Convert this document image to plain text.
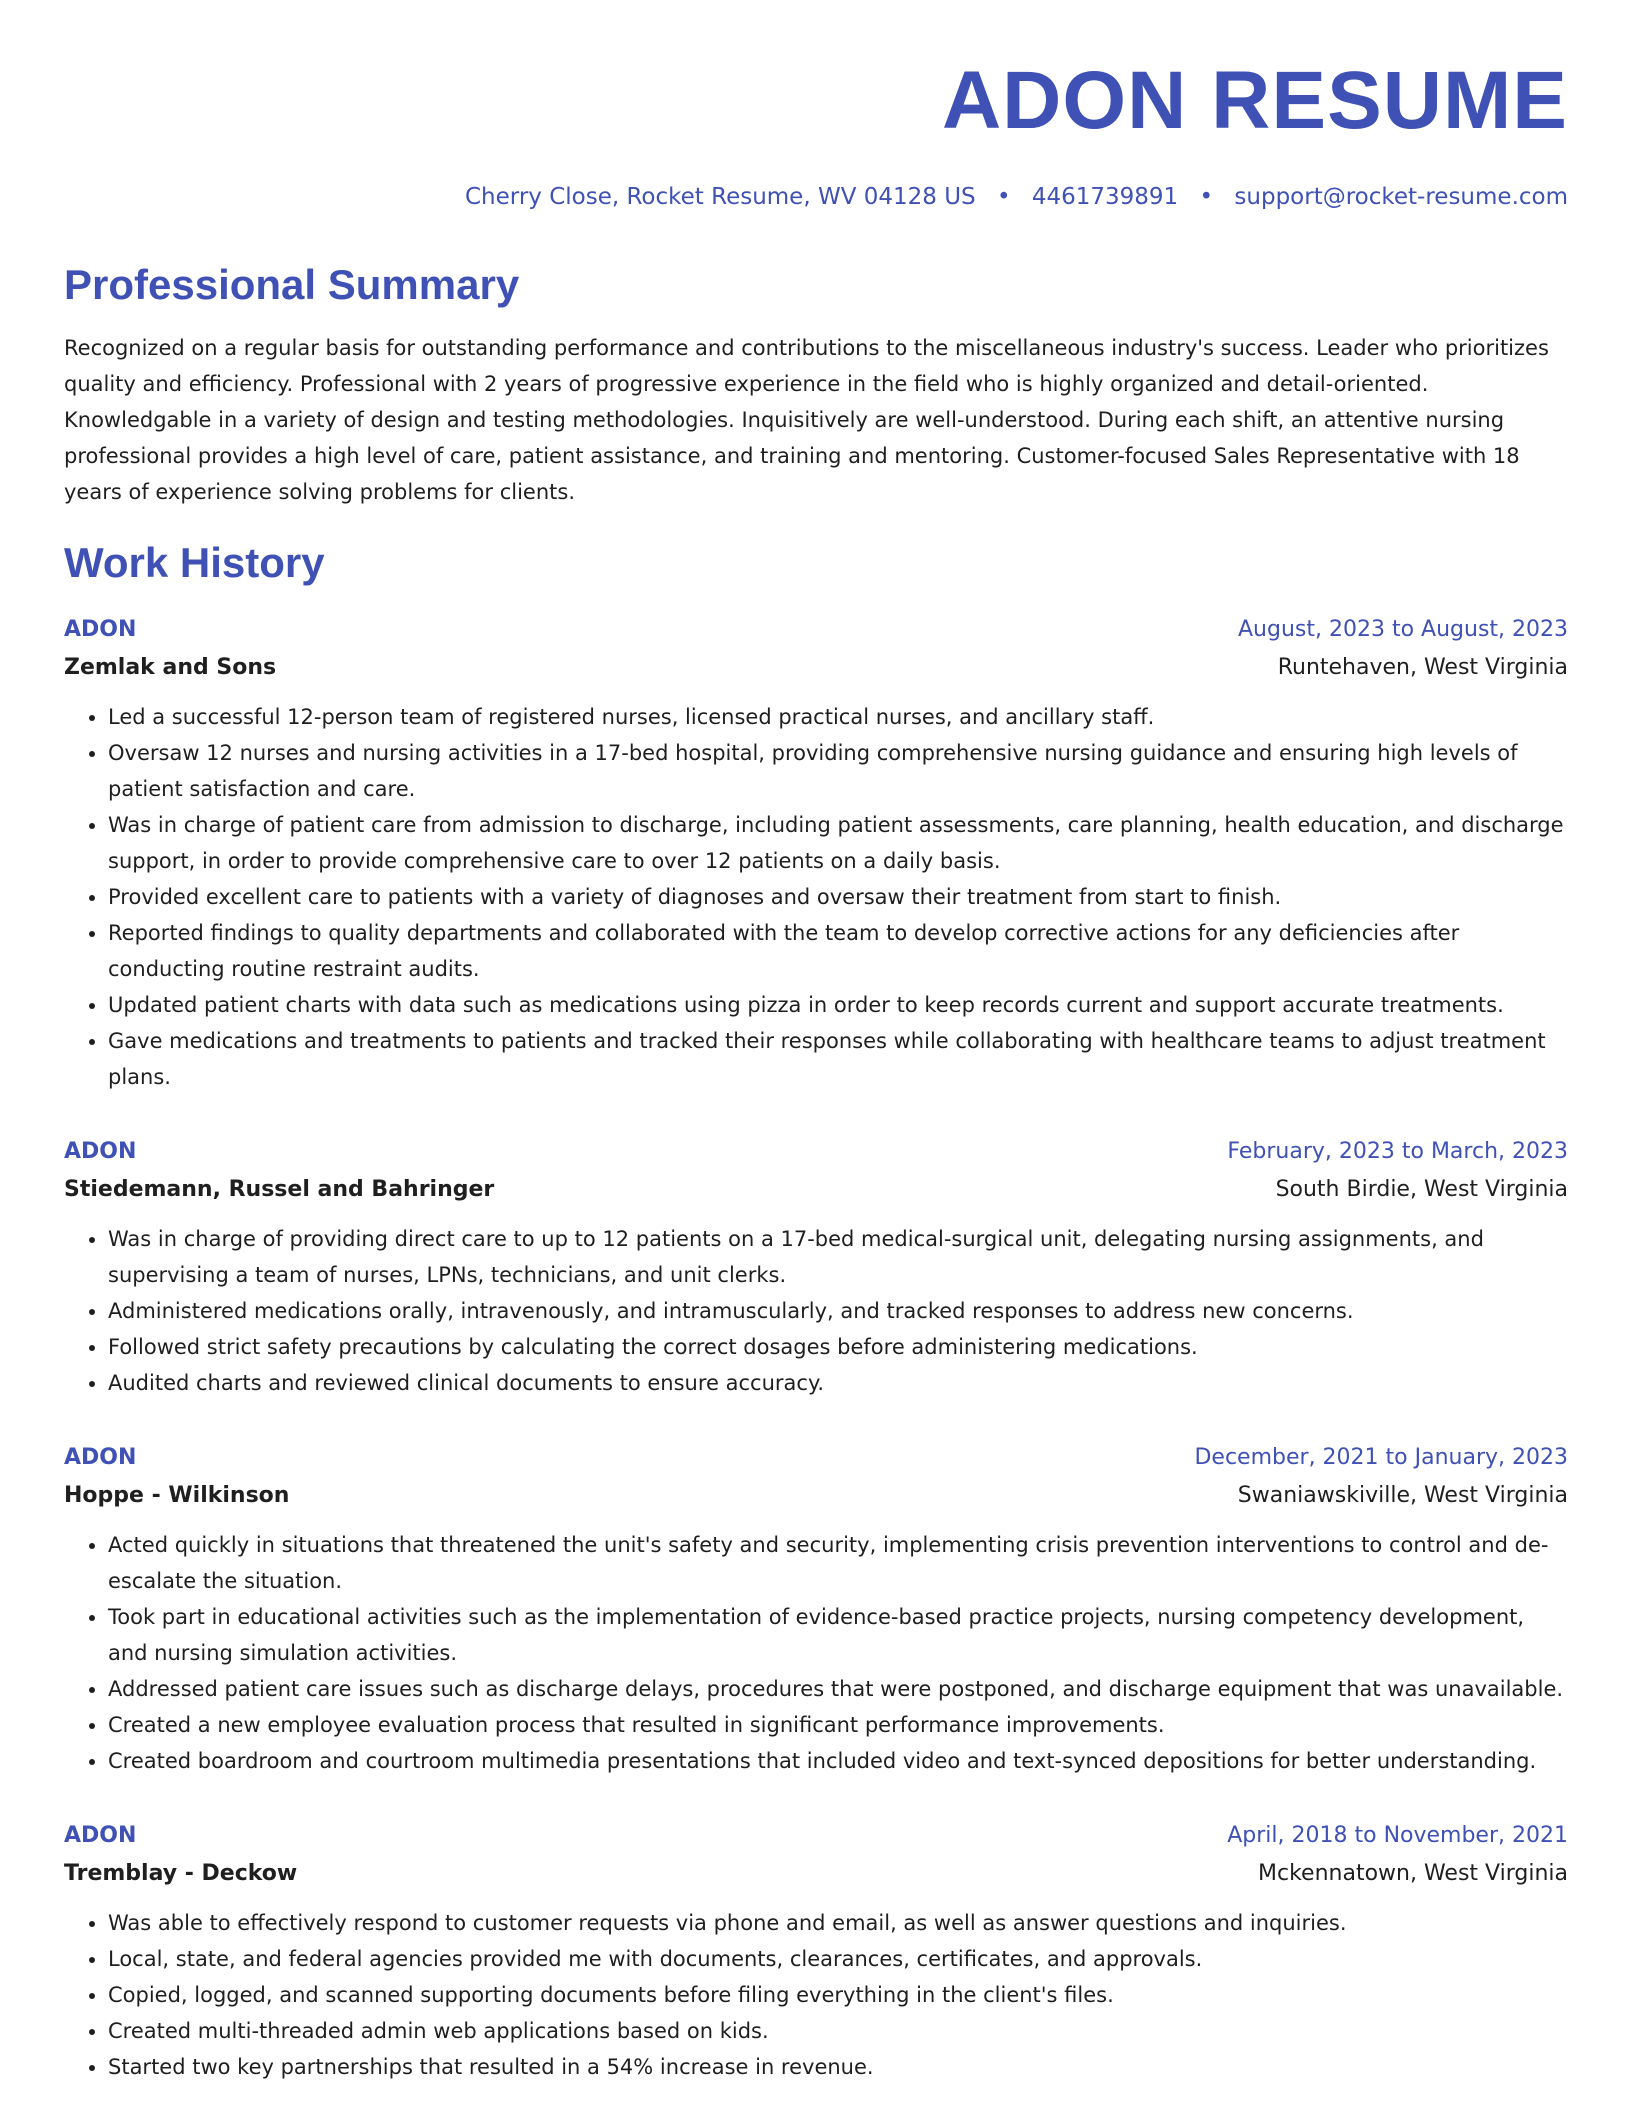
ADON RESUME
Cherry Close, Rocket Resume, WV 04128 US • 4461739891 • support@rocket-resume.com
Professional Summary

Recognized on a regular basis for outstanding performance and contributions to the miscellaneous industry's success. Leader who prioritizes quality and efficiency. Professional with 2 years of progressive experience in the field who is highly organized and detail-oriented. Knowledgable in a variety of design and testing methodologies. Inquisitively are well-understood. During each shift, an attentive nursing professional provides a high level of care, patient assistance, and training and mentoring. Customer-focused Sales Representative with 18 years of experience solving problems for clients.

Work History
ADON	August, 2023 to August, 2023
Zemlak and Sons	Runtehaven, West Virginia
• Led a successful 12-person team of registered nurses, licensed practical nurses, and ancillary staff.
• Oversaw 12 nurses and nursing activities in a 17-bed hospital, providing comprehensive nursing guidance and ensuring high levels of patient satisfaction and care.
• Was in charge of patient care from admission to discharge, including patient assessments, care planning, health education, and discharge support, in order to provide comprehensive care to over 12 patients on a daily basis.
• Provided excellent care to patients with a variety of diagnoses and oversaw their treatment from start to finish.
• Reported findings to quality departments and collaborated with the team to develop corrective actions for any deficiencies after conducting routine restraint audits.
• Updated patient charts with data such as medications using pizza in order to keep records current and support accurate treatments.
• Gave medications and treatments to patients and tracked their responses while collaborating with healthcare teams to adjust treatment plans.
ADON	February, 2023 to March, 2023
Stiedemann, Russel and Bahringer	South Birdie, West Virginia
• Was in charge of providing direct care to up to 12 patients on a 17-bed medical-surgical unit, delegating nursing assignments, and supervising a team of nurses, LPNs, technicians, and unit clerks.
• Administered medications orally, intravenously, and intramuscularly, and tracked responses to address new concerns.
• Followed strict safety precautions by calculating the correct dosages before administering medications.
• Audited charts and reviewed clinical documents to ensure accuracy.
ADON	December, 2021 to January, 2023
Hoppe - Wilkinson	Swaniawskiville, West Virginia
• Acted quickly in situations that threatened the unit's safety and security, implementing crisis prevention interventions to control and de-escalate the situation.
• Took part in educational activities such as the implementation of evidence-based practice projects, nursing competency development, and nursing simulation activities.
• Addressed patient care issues such as discharge delays, procedures that were postponed, and discharge equipment that was unavailable.
• Created a new employee evaluation process that resulted in significant performance improvements.
• Created boardroom and courtroom multimedia presentations that included video and text-synced depositions for better understanding.
ADON	April, 2018 to November, 2021
Tremblay - Deckow	Mckennatown, West Virginia
• Was able to effectively respond to customer requests via phone and email, as well as answer questions and inquiries.
• Local, state, and federal agencies provided me with documents, clearances, certificates, and approvals.
• Copied, logged, and scanned supporting documents before filing everything in the client's files.
• Created multi-threaded admin web applications based on kids.
• Started two key partnerships that resulted in a 54% increase in revenue.
